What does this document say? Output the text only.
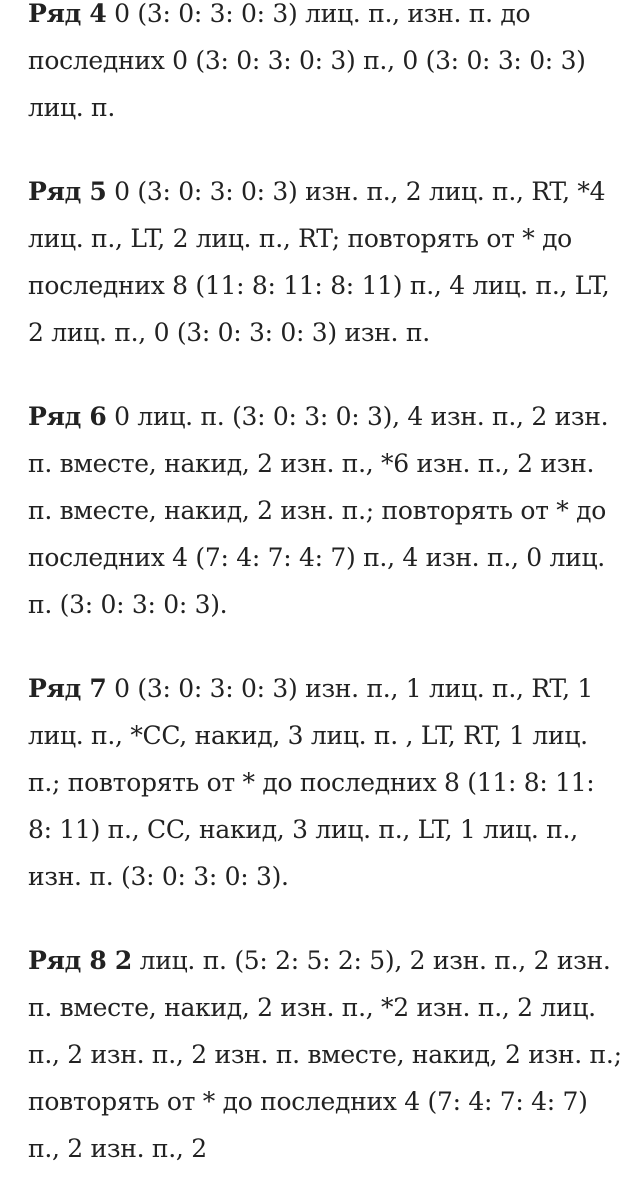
Ряд 4 0 (3: 0: 3: 0: 3) лиц. п., изн. п. до последних 0 (3: 0: 3: 0: 3) п., 0 (3: 0: 3: 0: 3) лиц. п.

Ряд 5 0 (3: 0: 3: 0: 3) изн. п., 2 лиц. п., RT, *4 лиц. п., LT, 2 лиц. п., RT; повторять от * до последних 8 (11: 8: 11: 8: 11) п., 4 лиц. п., LT, 2 лиц. п., 0 (3: 0: 3: 0: 3) изн. п.

Ряд 6 0 лиц. п. (3: 0: 3: 0: 3), 4 изн. п., 2 изн. п. вместе, накид, 2 изн. п., *6 изн. п., 2 изн. п. вместе, накид, 2 изн. п.; повторять от * до последних 4 (7: 4: 7: 4: 7) п., 4 изн. п., 0 лиц. п. (3: 0: 3: 0: 3).

Ряд 7 0 (3: 0: 3: 0: 3) изн. п., 1 лиц. п., RT, 1 лиц. п., *CC, накид, 3 лиц. п. , LT, RT, 1 лиц. п.; повторять от * до последних 8 (11: 8: 11: 8: 11) п., CC, накид, 3 лиц. п., LT, 1 лиц. п., изн. п. (3: 0: 3: 0: 3).

Ряд 8 2 лиц. п. (5: 2: 5: 2: 5), 2 изн. п., 2 изн. п. вместе, накид, 2 изн. п., *2 изн. п., 2 лиц. п., 2 изн. п., 2 изн. п. вместе, накид, 2 изн. п.; повторять от * до последних 4 (7: 4: 7: 4: 7) п., 2 изн. п., 2
